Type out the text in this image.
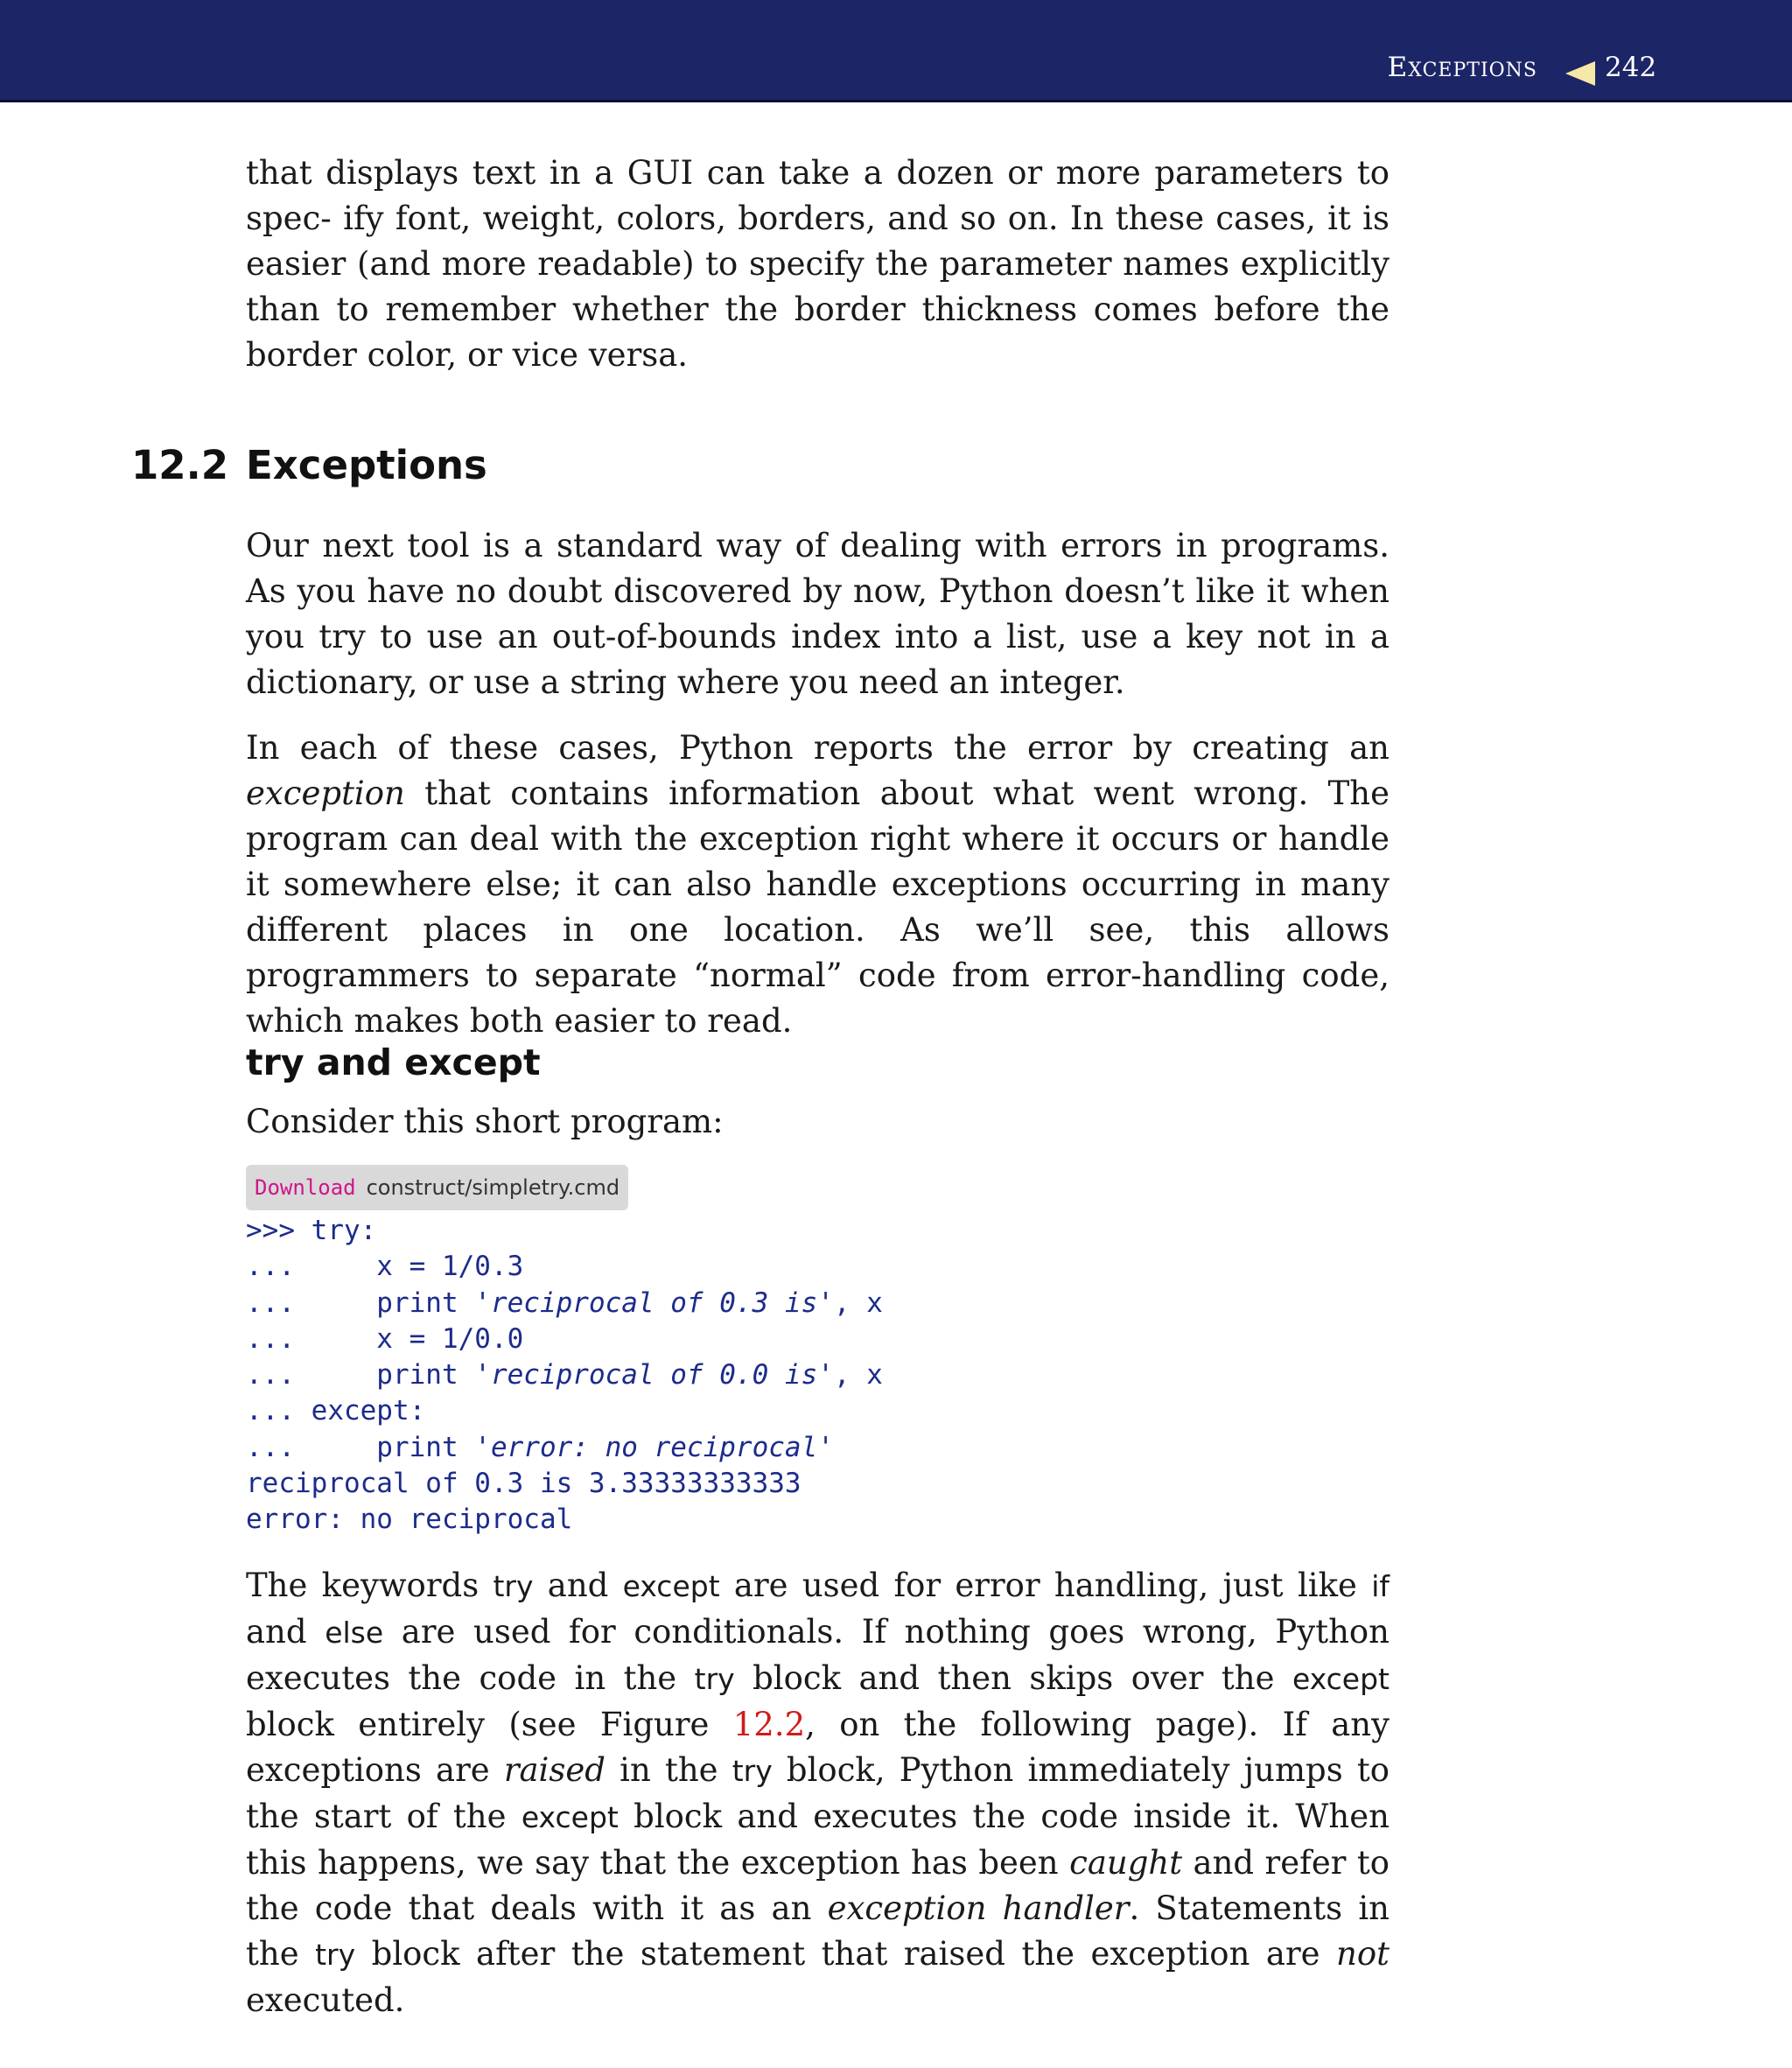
Exceptions 242

that displays text in a GUI can take a dozen or more parameters to spec- ify font, weight, colors, borders, and so on. In these cases, it is easier (and more readable) to specify the parameter names explicitly than to remember whether the border thickness comes before the border color, or vice versa.

12.2 Exceptions

Our next tool is a standard way of dealing with errors in programs. As you have no doubt discovered by now, Python doesn’t like it when you try to use an out-of-bounds index into a list, use a key not in a dictionary, or use a string where you need an integer.

In each of these cases, Python reports the error by creating an exception that contains information about what went wrong. The program can deal with the exception right where it occurs or handle it somewhere else; it can also handle exceptions occurring in many different places in one location. As we’ll see, this allows programmers to separate “normal” code from error-handling code, which makes both easier to read.

try and except

Consider this short program:

Download construct/simpletry.cmd
>>> try:
...     x = 1/0.3
...     print 'reciprocal of 0.3 is', x
...     x = 1/0.0
...     print 'reciprocal of 0.0 is', x
... except:
...     print 'error: no reciprocal'
reciprocal of 0.3 is 3.33333333333
error: no reciprocal

The keywords try and except are used for error handling, just like if and else are used for conditionals. If nothing goes wrong, Python executes the code in the try block and then skips over the except block entirely (see Figure 12.2, on the following page). If any exceptions are raised in the try block, Python immediately jumps to the start of the except block and executes the code inside it. When this happens, we say that the exception has been caught and refer to the code that deals with it as an exception handler. Statements in the try block after the statement that raised the exception are not executed.
